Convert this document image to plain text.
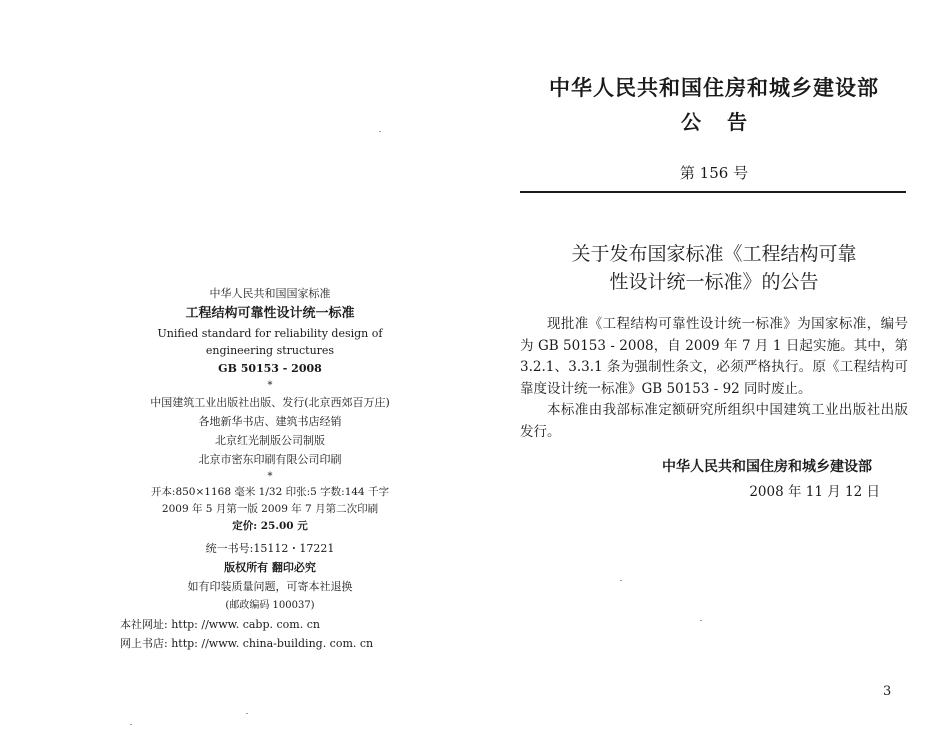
中华人民共和国国家标准
工程结构可靠性设计统一标准
Unified standard for reliability design of
engineering structures
GB 50153 - 2008
*
中国建筑工业出版社出版、发行(北京西郊百万庄)
各地新华书店、建筑书店经销
北京红光制版公司制版
北京市密东印刷有限公司印刷
*
开本:850×1168 毫米 1/32 印张:5 字数:144 千字
2009 年 5 月第一版 2009 年 7 月第二次印刷
定价: 25.00 元
统一书号:15112・17221
版权所有 翻印必究
如有印装质量问题，可寄本社退换
(邮政编码 100037)
本社网址: http: //www. cabp. com. cn
网上书店: http: //www. china-building. com. cn
中华人民共和国住房和城乡建设部
公告
第 156 号
关于发布国家标准《工程结构可靠
性设计统一标准》的公告

现批准《工程结构可靠性设计统一标准》为国家标准，编号为 GB 50153 - 2008，自 2009 年 7 月 1 日起实施。其中，第 3.2.1、3.3.1 条为强制性条文，必须严格执行。原《工程结构可靠度设计统一标准》GB 50153 - 92 同时废止。

本标准由我部标准定额研究所组织中国建筑工业出版社出版发行。

中华人民共和国住房和城乡建设部
2008 年 11 月 12 日
3
